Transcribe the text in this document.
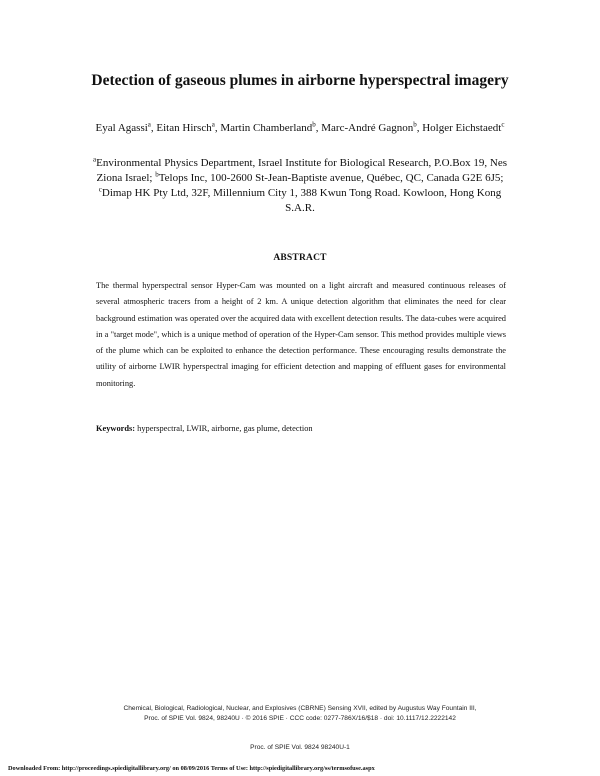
Detection of gaseous plumes in airborne hyperspectral imagery
Eyal Agassi$^a$, Eitan Hirsch$^a$, Martin Chamberland$^b$, Marc-André Gagnon$^b$, Holger Eichstaedt$^c$
$^a$Environmental Physics Department, Israel Institute for Biological Research, P.O.Box 19, Nes Ziona Israel; $^b$Telops Inc, 100-2600 St-Jean-Baptiste avenue, Québec, QC, Canada G2E 6J5; $^c$Dimap HK Pty Ltd, 32F, Millennium City 1, 388 Kwun Tong Road. Kowloon, Hong Kong S.A.R.
ABSTRACT
The thermal hyperspectral sensor Hyper-Cam was mounted on a light aircraft and measured continuous releases of several atmospheric tracers from a height of 2 km. A unique detection algorithm that eliminates the need for clear background estimation was operated over the acquired data with excellent detection results. The data-cubes were acquired in a "target mode", which is a unique method of operation of the Hyper-Cam sensor. This method provides multiple views of the plume which can be exploited to enhance the detection performance. These encouraging results demonstrate the utility of airborne LWIR hyperspectral imaging for efficient detection and mapping of effluent gases for environmental monitoring.
Keywords: hyperspectral, LWIR, airborne, gas plume, detection
Chemical, Biological, Radiological, Nuclear, and Explosives (CBRNE) Sensing XVII, edited by Augustus Way Fountain III,
Proc. of SPIE Vol. 9824, 98240U · © 2016 SPIE · CCC code: 0277-786X/16/$18 · doi: 10.1117/12.2222142
Proc. of SPIE Vol. 9824 98240U-1
Downloaded From: http://proceedings.spiedigitallibrary.org/ on 08/09/2016 Terms of Use: http://spiedigitallibrary.org/ss/termsofuse.aspx
